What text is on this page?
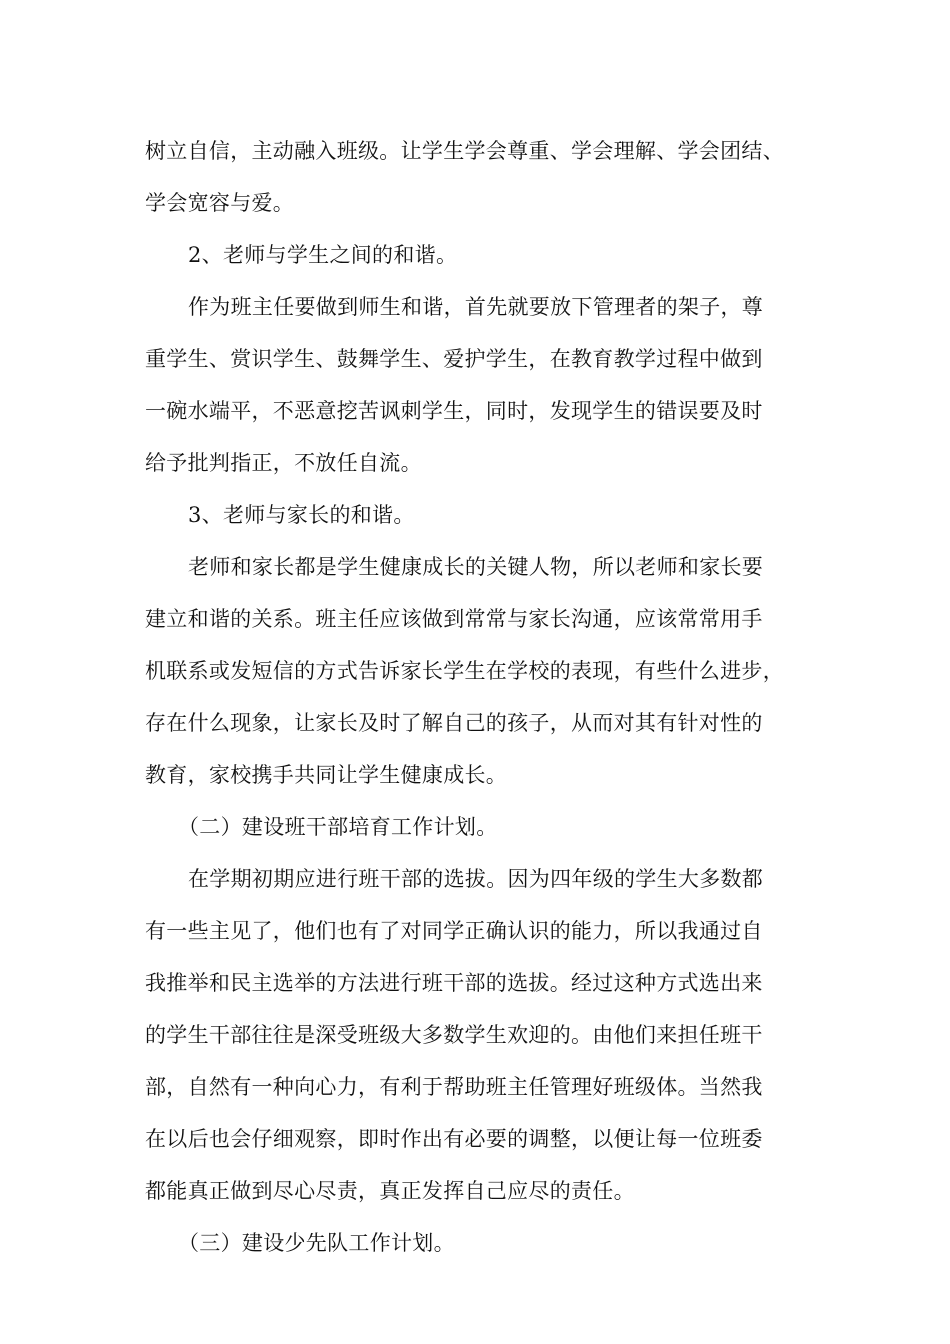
树立自信，主动融入班级。让学生学会尊重、学会理解、学会团结、
学会宽容与爱。
2、老师与学生之间的和谐。
作为班主任要做到师生和谐，首先就要放下管理者的架子，尊
重学生、赏识学生、鼓舞学生、爱护学生，在教育教学过程中做到
一碗水端平，不恶意挖苦讽刺学生，同时，发现学生的错误要及时
给予批判指正，不放任自流。
3、老师与家长的和谐。
老师和家长都是学生健康成长的关键人物，所以老师和家长要
建立和谐的关系。班主任应该做到常常与家长沟通，应该常常用手
机联系或发短信的方式告诉家长学生在学校的表现，有些什么进步，
存在什么现象，让家长及时了解自己的孩子，从而对其有针对性的
教育，家校携手共同让学生健康成长。
（二）建设班干部培育工作计划。
在学期初期应进行班干部的选拔。因为四年级的学生大多数都
有一些主见了，他们也有了对同学正确认识的能力，所以我通过自
我推举和民主选举的方法进行班干部的选拔。经过这种方式选出来
的学生干部往往是深受班级大多数学生欢迎的。由他们来担任班干
部，自然有一种向心力，有利于帮助班主任管理好班级体。当然我
在以后也会仔细观察，即时作出有必要的调整，以便让每一位班委
都能真正做到尽心尽责，真正发挥自己应尽的责任。
（三）建设少先队工作计划。
